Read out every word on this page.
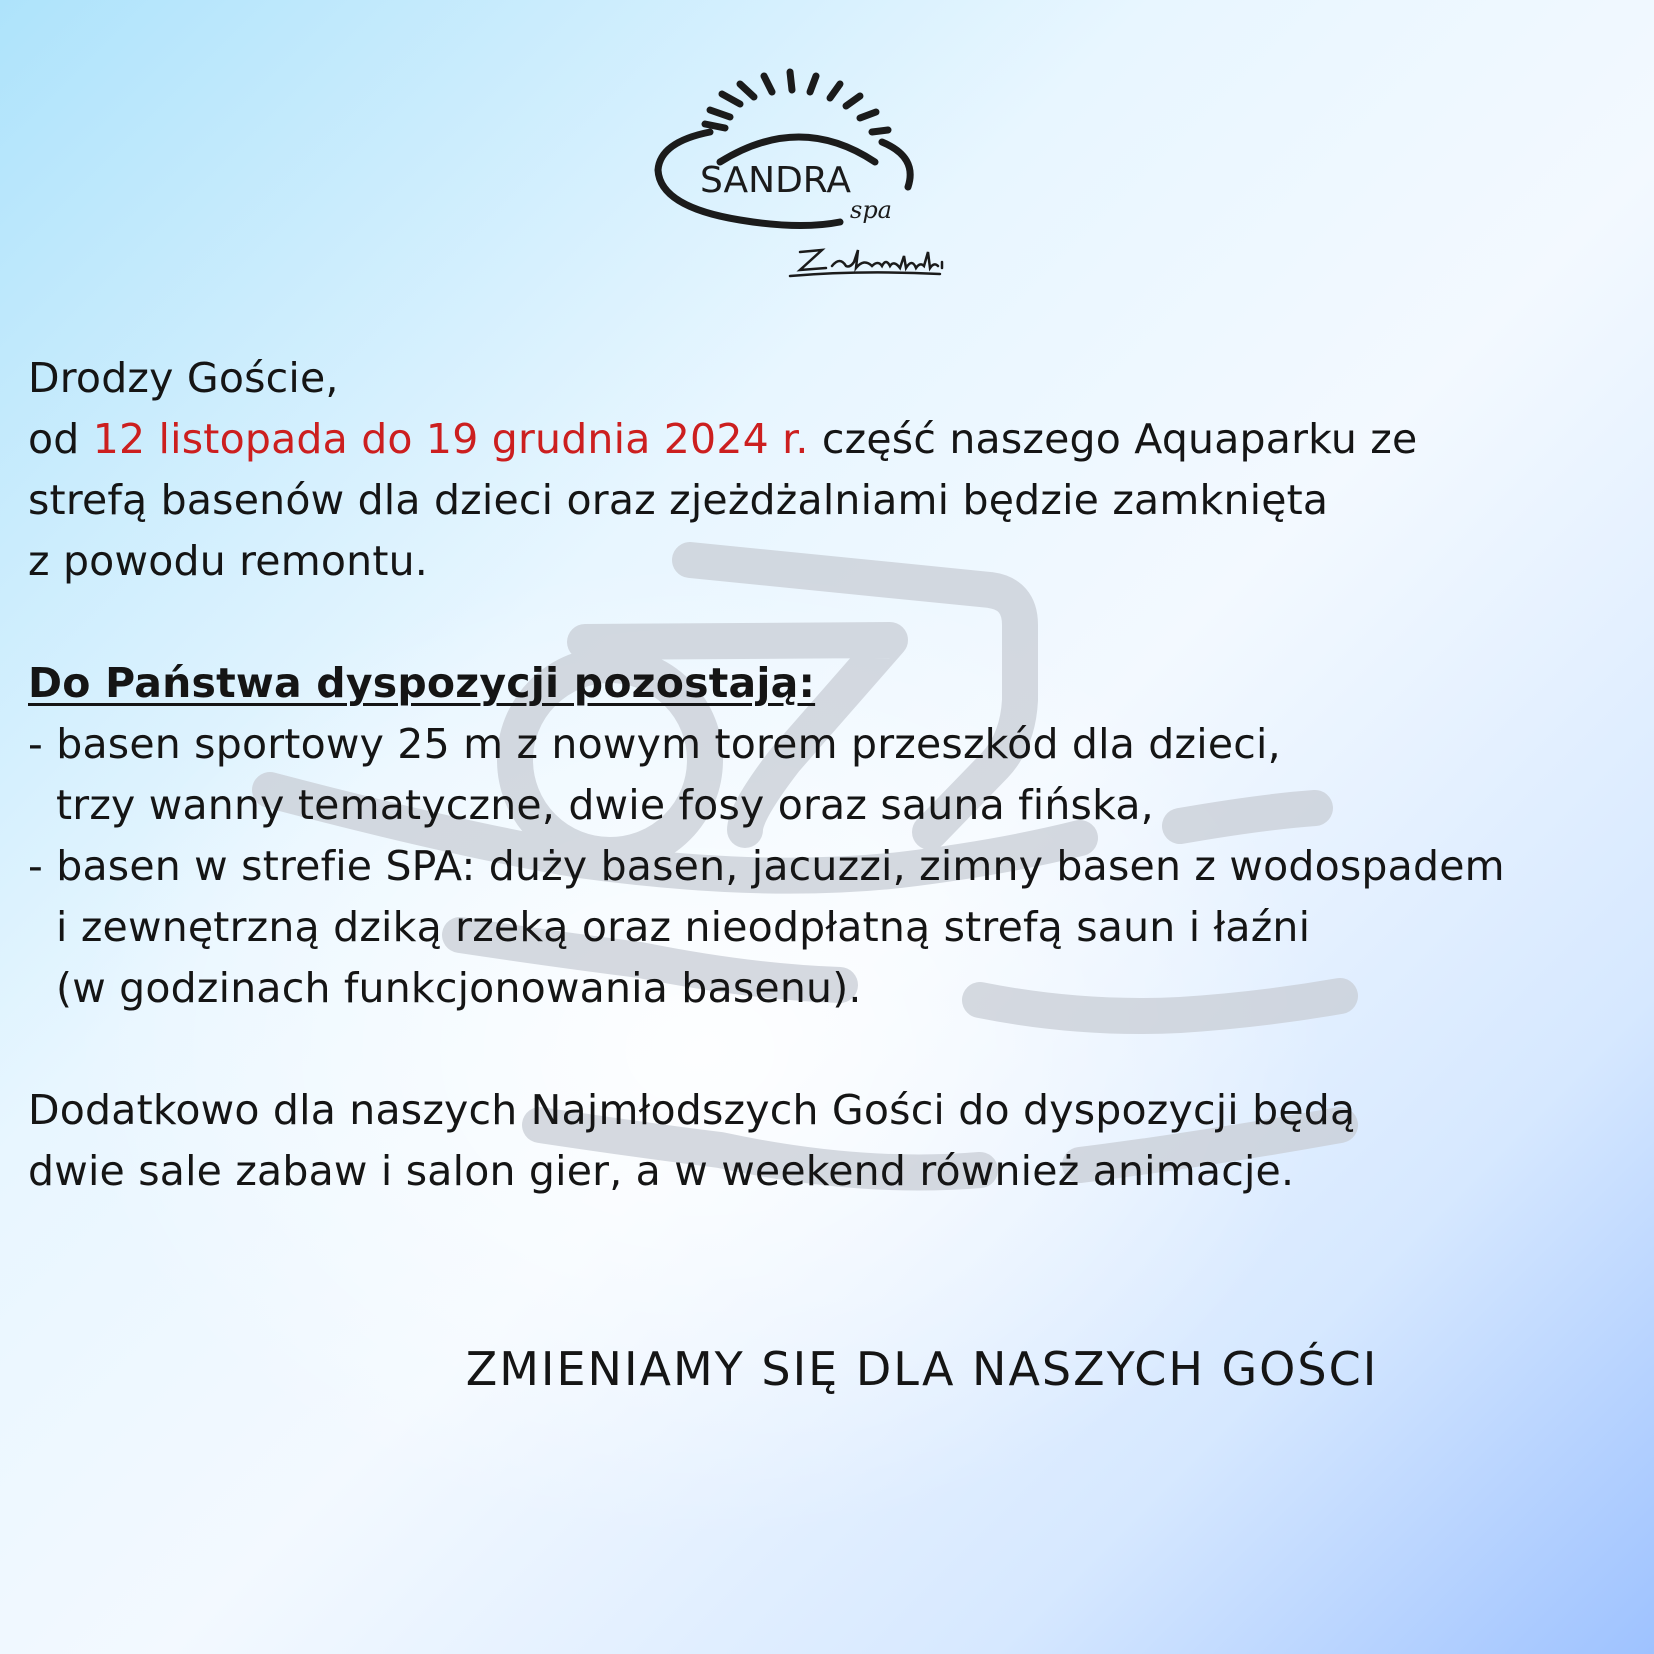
SANDRA
spa
Drodzy Goście,
od 12 listopada do 19 grudnia 2024 r. część naszego Aquaparku ze
strefą basenów dla dzieci oraz zjeżdżalniami będzie zamknięta
z powodu remontu.
Do Państwa dyspozycji pozostają:
- basen sportowy 25 m z nowym torem przeszkód dla dzieci,
trzy wanny tematyczne, dwie fosy oraz sauna fińska,
- basen w strefie SPA: duży basen, jacuzzi, zimny basen z wodospadem
i zewnętrzną dziką rzeką oraz nieodpłatną strefą saun i łaźni
(w godzinach funkcjonowania basenu).
Dodatkowo dla naszych Najmłodszych Gości do dyspozycji będą
dwie sale zabaw i salon gier, a w weekend również animacje.
ZMIENIAMY SIĘ DLA NASZYCH GOŚCI
